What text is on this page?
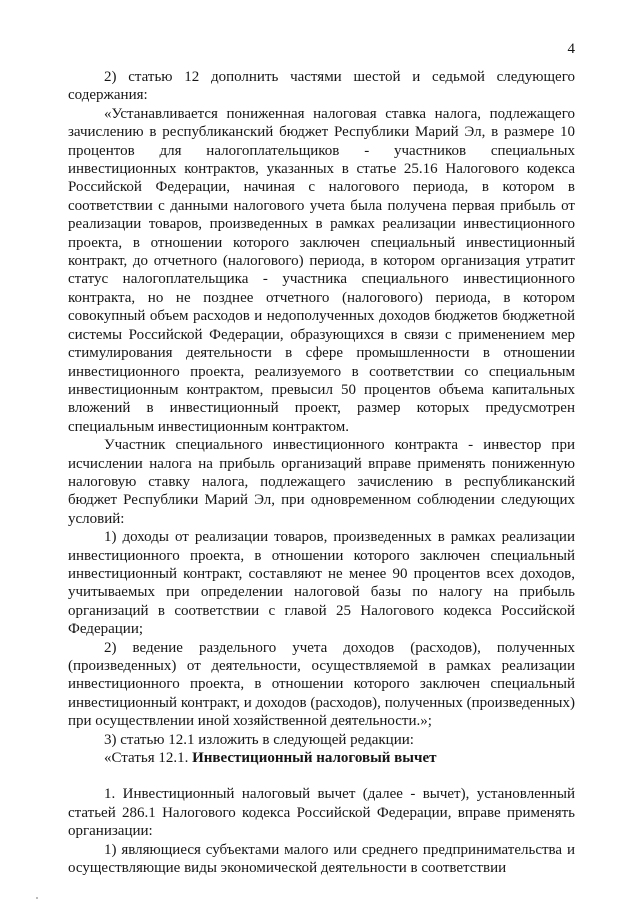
4

2) статью 12 дополнить частями шестой и седьмой следующего содержания:

«Устанавливается пониженная налоговая ставка налога, подлежащего зачислению в республиканский бюджет Республики Марий Эл, в размере 10 процентов для налогоплательщиков - участников специальных инвестиционных контрактов, указанных в статье 25.16 Налогового кодекса Российской Федерации, начиная с налогового периода, в котором в соответствии с данными налогового учета была получена первая прибыль от реализации товаров, произведенных в рамках реализации инвестиционного проекта, в отношении которого заключен специальный инвестиционный контракт, до отчетного (налогового) периода, в котором организация утратит статус налогоплательщика - участника специального инвестиционного контракта, но не позднее отчетного (налогового) периода, в котором совокупный объем расходов и недополученных доходов бюджетов бюджетной системы Российской Федерации, образующихся в связи с применением мер стимулирования деятельности в сфере промышленности в отношении инвестиционного проекта, реализуемого в соответствии со специальным инвестиционным контрактом, превысил 50 процентов объема капитальных вложений в инвестиционный проект, размер которых предусмотрен специальным инвестиционным контрактом.

Участник специального инвестиционного контракта - инвестор при исчислении налога на прибыль организаций вправе применять пониженную налоговую ставку налога, подлежащего зачислению в республиканский бюджет Республики Марий Эл, при одновременном соблюдении следующих условий:

1) доходы от реализации товаров, произведенных в рамках реализации инвестиционного проекта, в отношении которого заключен специальный инвестиционный контракт, составляют не менее 90 процентов всех доходов, учитываемых при определении налоговой базы по налогу на прибыль организаций в соответствии с главой 25 Налогового кодекса Российской Федерации;

2) ведение раздельного учета доходов (расходов), полученных (произведенных) от деятельности, осуществляемой в рамках реализации инвестиционного проекта, в отношении которого заключен специальный инвестиционный контракт, и доходов (расходов), полученных (произведенных) при осуществлении иной хозяйственной деятельности.»;

3) статью 12.1 изложить в следующей редакции:

«Статья 12.1. Инвестиционный налоговый вычет

1. Инвестиционный налоговый вычет (далее - вычет), установленный статьей 286.1 Налогового кодекса Российской Федерации, вправе применять организации:

1) являющиеся субъектами малого или среднего предпринимательства и осуществляющие виды экономической деятельности в соответствии
